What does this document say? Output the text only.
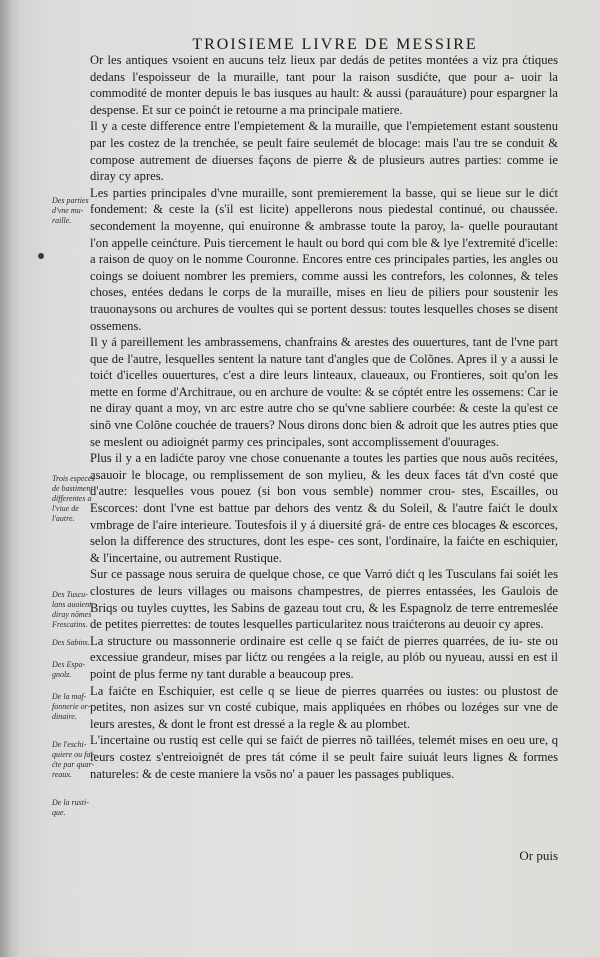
TROISIEME LIVRE DE MESSIRE

Or les antiques vsoient en aucuns telz lieux par dedás de petites montées a viz pra ćtiques dedans l'espoisseur de la muraille, tant pour la raison susdićte, que pour a- uoir la commodité de monter depuis le bas iusques au hault: & aussi (parauáture) pour espargner la despense. Et sur ce poinćt ie retourne a ma principale matiere.

Il y a ceste difference entre l'empietement & la muraille, que l'empietement estant soustenu par les costez de la trenchée, se peult faire seulemét de blocage: mais l'au tre se conduit & compose autrement de diuerses façons de pierre & de plusieurs autres parties: comme ie diray cy apres.

Les parties principales d'vne muraille, sont premierement la basse, qui se lieue sur le dićt fondement: & ceste la (s'il est licite) appellerons nous piedestal continué, ou chaussée. secondement la moyenne, qui enuironne & ambrasse toute la paroy, la- quelle pourautant l'on appelle ceinćture. Puis tiercement le hault ou bord qui com ble & lye l'extremité d'icelle: a raison de quoy on le nomme Couronne. Encores entre ces principales parties, les angles ou coings se doiuent nombrer les premiers, comme aussi les contrefors, les colonnes, & teles choses, entées dedans le corps de la muraille, mises en lieu de piliers pour soustenir les trauonaysons ou archures de voultes qui se portent dessus: toutes lesquelles choses se disent ossemens.

Il y á pareillement les ambrassemens, chanfrains & arestes des ouuertures, tant de l'vne part que de l'autre, lesquelles sentent la nature tant d'angles que de Colõnes. Apres il y a aussi le toićt d'icelles ouuertures, c'est a dire leurs linteaux, claueaux, ou Frontieres, soit qu'on les mette en forme d'Architraue, ou en archure de voulte: & se cóptét entre les ossemens: Car ie ne diray quant a moy, vn arc estre autre cho se qu'vne sabliere courbée: & ceste la qu'est ce sinõ vne Colõne couchée de trauers? Nous dirons donc bien & adroit que les autres pties que se meslent ou adioignét parmy ces principales, sont accomplissement d'ouurages.

Plus il y a en ladićte paroy vne chose conuenante a toutes les parties que nous auõs recitées, asauoir le blocage, ou remplissement de son mylieu, & les deux faces tát d'vn costé que d'autre: lesquelles vous pouez (si bon vous semble) nommer crou- stes, Escailles, ou Escorces: dont l'vne est battue par dehors des ventz & du Soleil, & l'autre faićt le doulx vmbrage de l'aire interieure. Toutesfois il y á diuersité grá- de entre ces blocages & escorces, selon la difference des structures, dont les espe- ces sont, l'ordinaire, la faićte en eschiquier, & l'incertaine, ou autrement Rustique.

Sur ce passage nous seruira de quelque chose, ce que Varró dićt q les Tusculans fai soiét les clostures de leurs villages ou maisons champestres, de pierres entassées, les Gaulois de Briqs ou tuyles cuyttes, les Sabins de gazeau tout cru, & les Espagnolz de terre entremeslée de petites pierrettes: de toutes lesquelles particularitez nous traićterons au deuoir cy apres.

La structure ou massonnerie ordinaire est celle q se faićt de pierres quarrées, de iu- ste ou excessiue grandeur, mises par lićtz ou rengées a la reigle, au plób ou nyueau, aussi en est il point de plus ferme ny tant durable a beaucoup pres.

La faićte en Eschiquier, est celle q se lieue de pierres quarrées ou iustes: ou plustost de petites, non asizes sur vn costé cubique, mais appliquées en rhóbes ou lozéges sur vne de leurs arestes, & dont le front est dressé a la regle & au plombet.

L'incertaine ou rustiq est celle qui se faićt de pierres nõ taillées, telemét mises en oeu ure, q leurs costez s'entreioignét de pres tát cóme il se peult faire suiuát leurs lignes & formes natureles: & de ceste maniere la vsõs no' a pauer les passages publiques.

Des parties d'vne mu- raille.
Trois especes de bastiment differentes a l'viue de l'autre.
Des Tuscu- lans auoient diray nõmes Frescatins.
Des Sabins.
Des Espa- gnolz.
De la maf- fonnerie or- dinaire.
De l'eschi- quiere ou fai- ćte par quar- reaux.
De la rusti- que.
Or puis
